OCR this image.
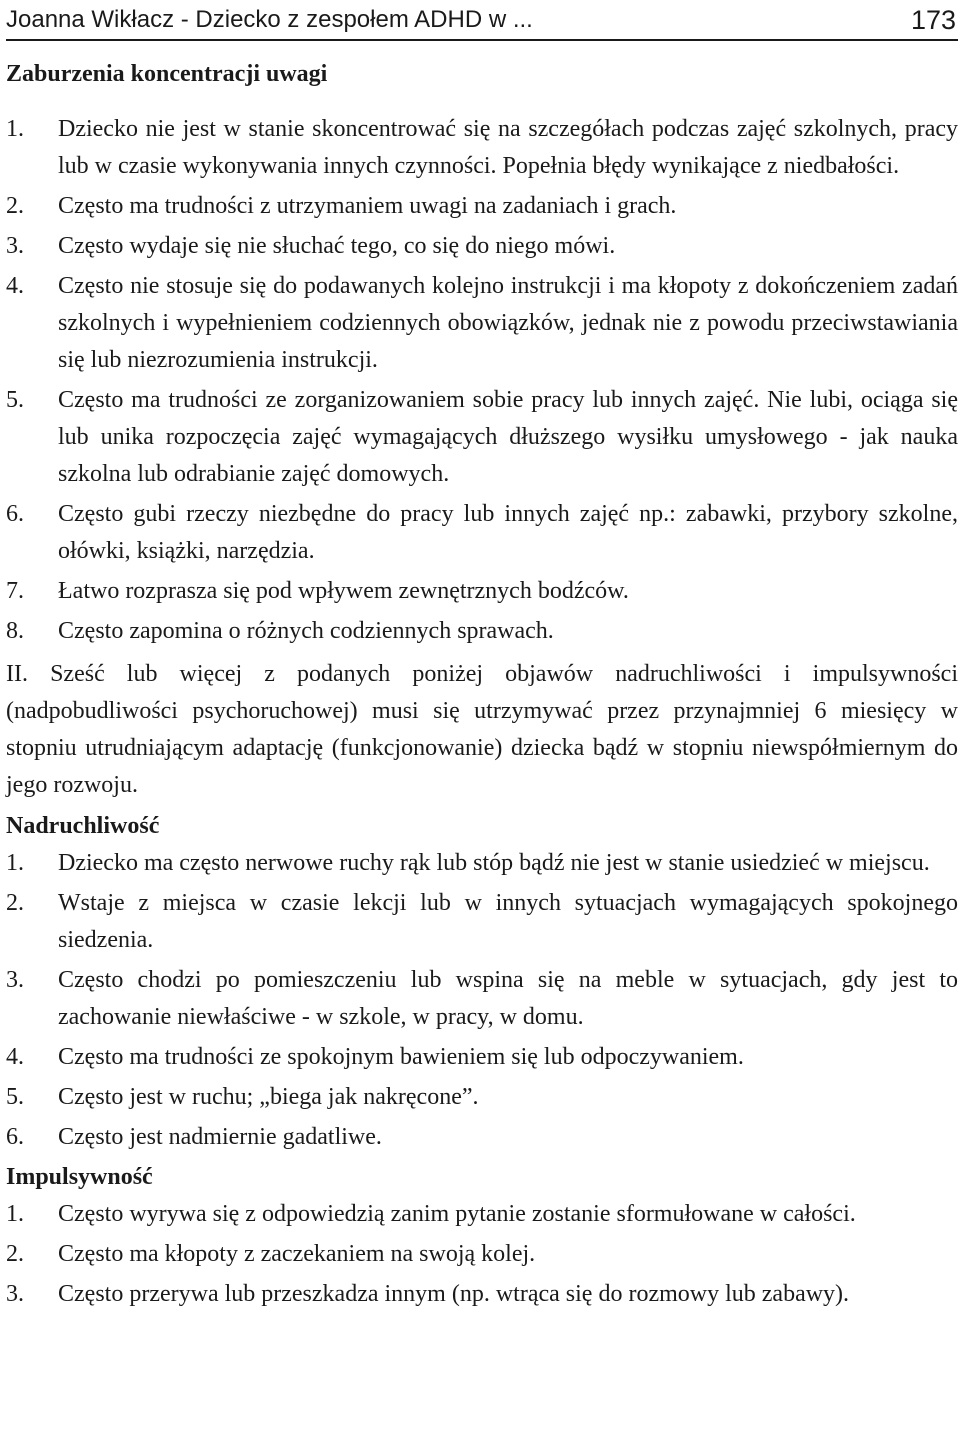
Joanna Wikłacz - Dziecko z zespołem ADHD w ...	173

Zaburzenia koncentracji uwagi

1. Dziecko nie jest w stanie skoncentrować się na szczegółach podczas zajęć szkolnych, pracy lub w czasie wykonywania innych czynności. Popełnia błędy wynikające z niedbałości.

2. Często ma trudności z utrzymaniem uwagi na zadaniach i grach.

3. Często wydaje się nie słuchać tego, co się do niego mówi.

4. Często nie stosuje się do podawanych kolejno instrukcji i ma kłopoty z dokończeniem zadań szkolnych i wypełnieniem codziennych obowiązków, jednak nie z powodu przeciwstawiania się lub niezrozumienia instrukcji.

5. Często ma trudności ze zorganizowaniem sobie pracy lub innych zajęć. Nie lubi, ociąga się lub unika rozpoczęcia zajęć wymagających dłuższego wysiłku umysłowego - jak nauka szkolna lub odrabianie zajęć domowych.

6. Często gubi rzeczy niezbędne do pracy lub innych zajęć np.: zabawki, przybory szkolne, ołówki, książki, narzędzia.

7. Łatwo rozprasza się pod wpływem zewnętrznych bodźców.

8. Często zapomina o różnych codziennych sprawach.

II. Sześć lub więcej z podanych poniżej objawów nadruchliwości i impulsywności (nadpobudliwości psychoruchowej) musi się utrzymywać przez przynajmniej 6 miesięcy w stopniu utrudniającym adaptację (funkcjonowanie) dziecka bądź w stopniu niewspółmiernym do jego rozwoju.

Nadruchliwość

1. Dziecko ma często nerwowe ruchy rąk lub stóp bądź nie jest w stanie usiedzieć w miejscu.

2. Wstaje z miejsca w czasie lekcji lub w innych sytuacjach wymagających spokojnego siedzenia.

3. Często chodzi po pomieszczeniu lub wspina się na meble w sytuacjach, gdy jest to zachowanie niewłaściwe - w szkole, w pracy, w domu.

4. Często ma trudności ze spokojnym bawieniem się lub odpoczywaniem.

5. Często jest w ruchu; „biega jak nakręcone”.

6. Często jest nadmiernie gadatliwe.

Impulsywność

1. Często wyrywa się z odpowiedzią zanim pytanie zostanie sformułowane w całości.

2. Często ma kłopoty z zaczekaniem na swoją kolej.

3. Często przerywa lub przeszkadza innym (np. wtrąca się do rozmowy lub zabawy).
